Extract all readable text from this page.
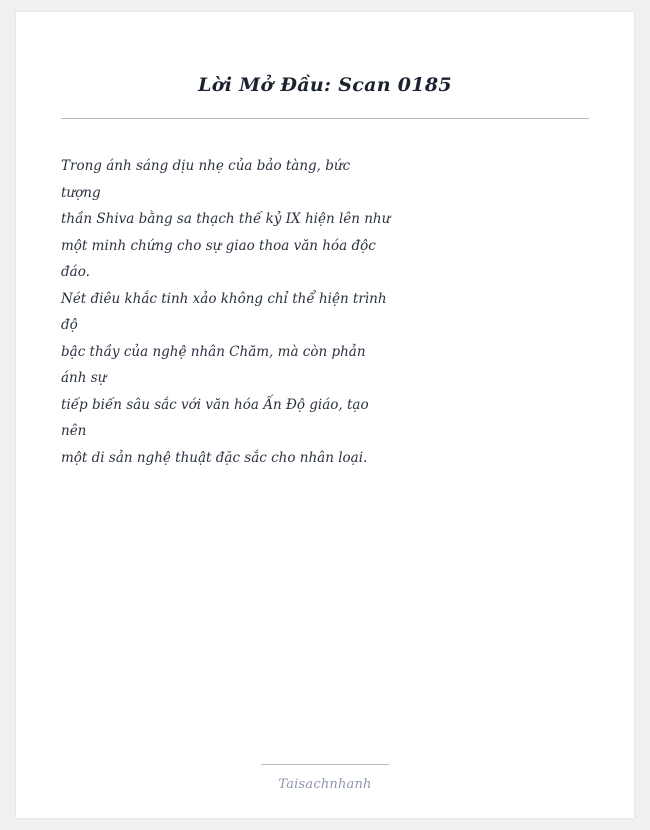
Lời Mở Đầu: Scan 0185
Trong ánh sáng dịu nhẹ của bảo tàng, bức tượng
thần Shiva bằng sa thạch thế kỷ IX hiện lên như
một minh chứng cho sự giao thoa văn hóa độc đáo.
Nét điêu khắc tinh xảo không chỉ thể hiện trình độ
bậc thầy của nghệ nhân Chăm, mà còn phản ánh sự
tiếp biến sâu sắc với văn hóa Ấn Độ giáo, tạo nên
một di sản nghệ thuật đặc sắc cho nhân loại.
Taisachnhanh
